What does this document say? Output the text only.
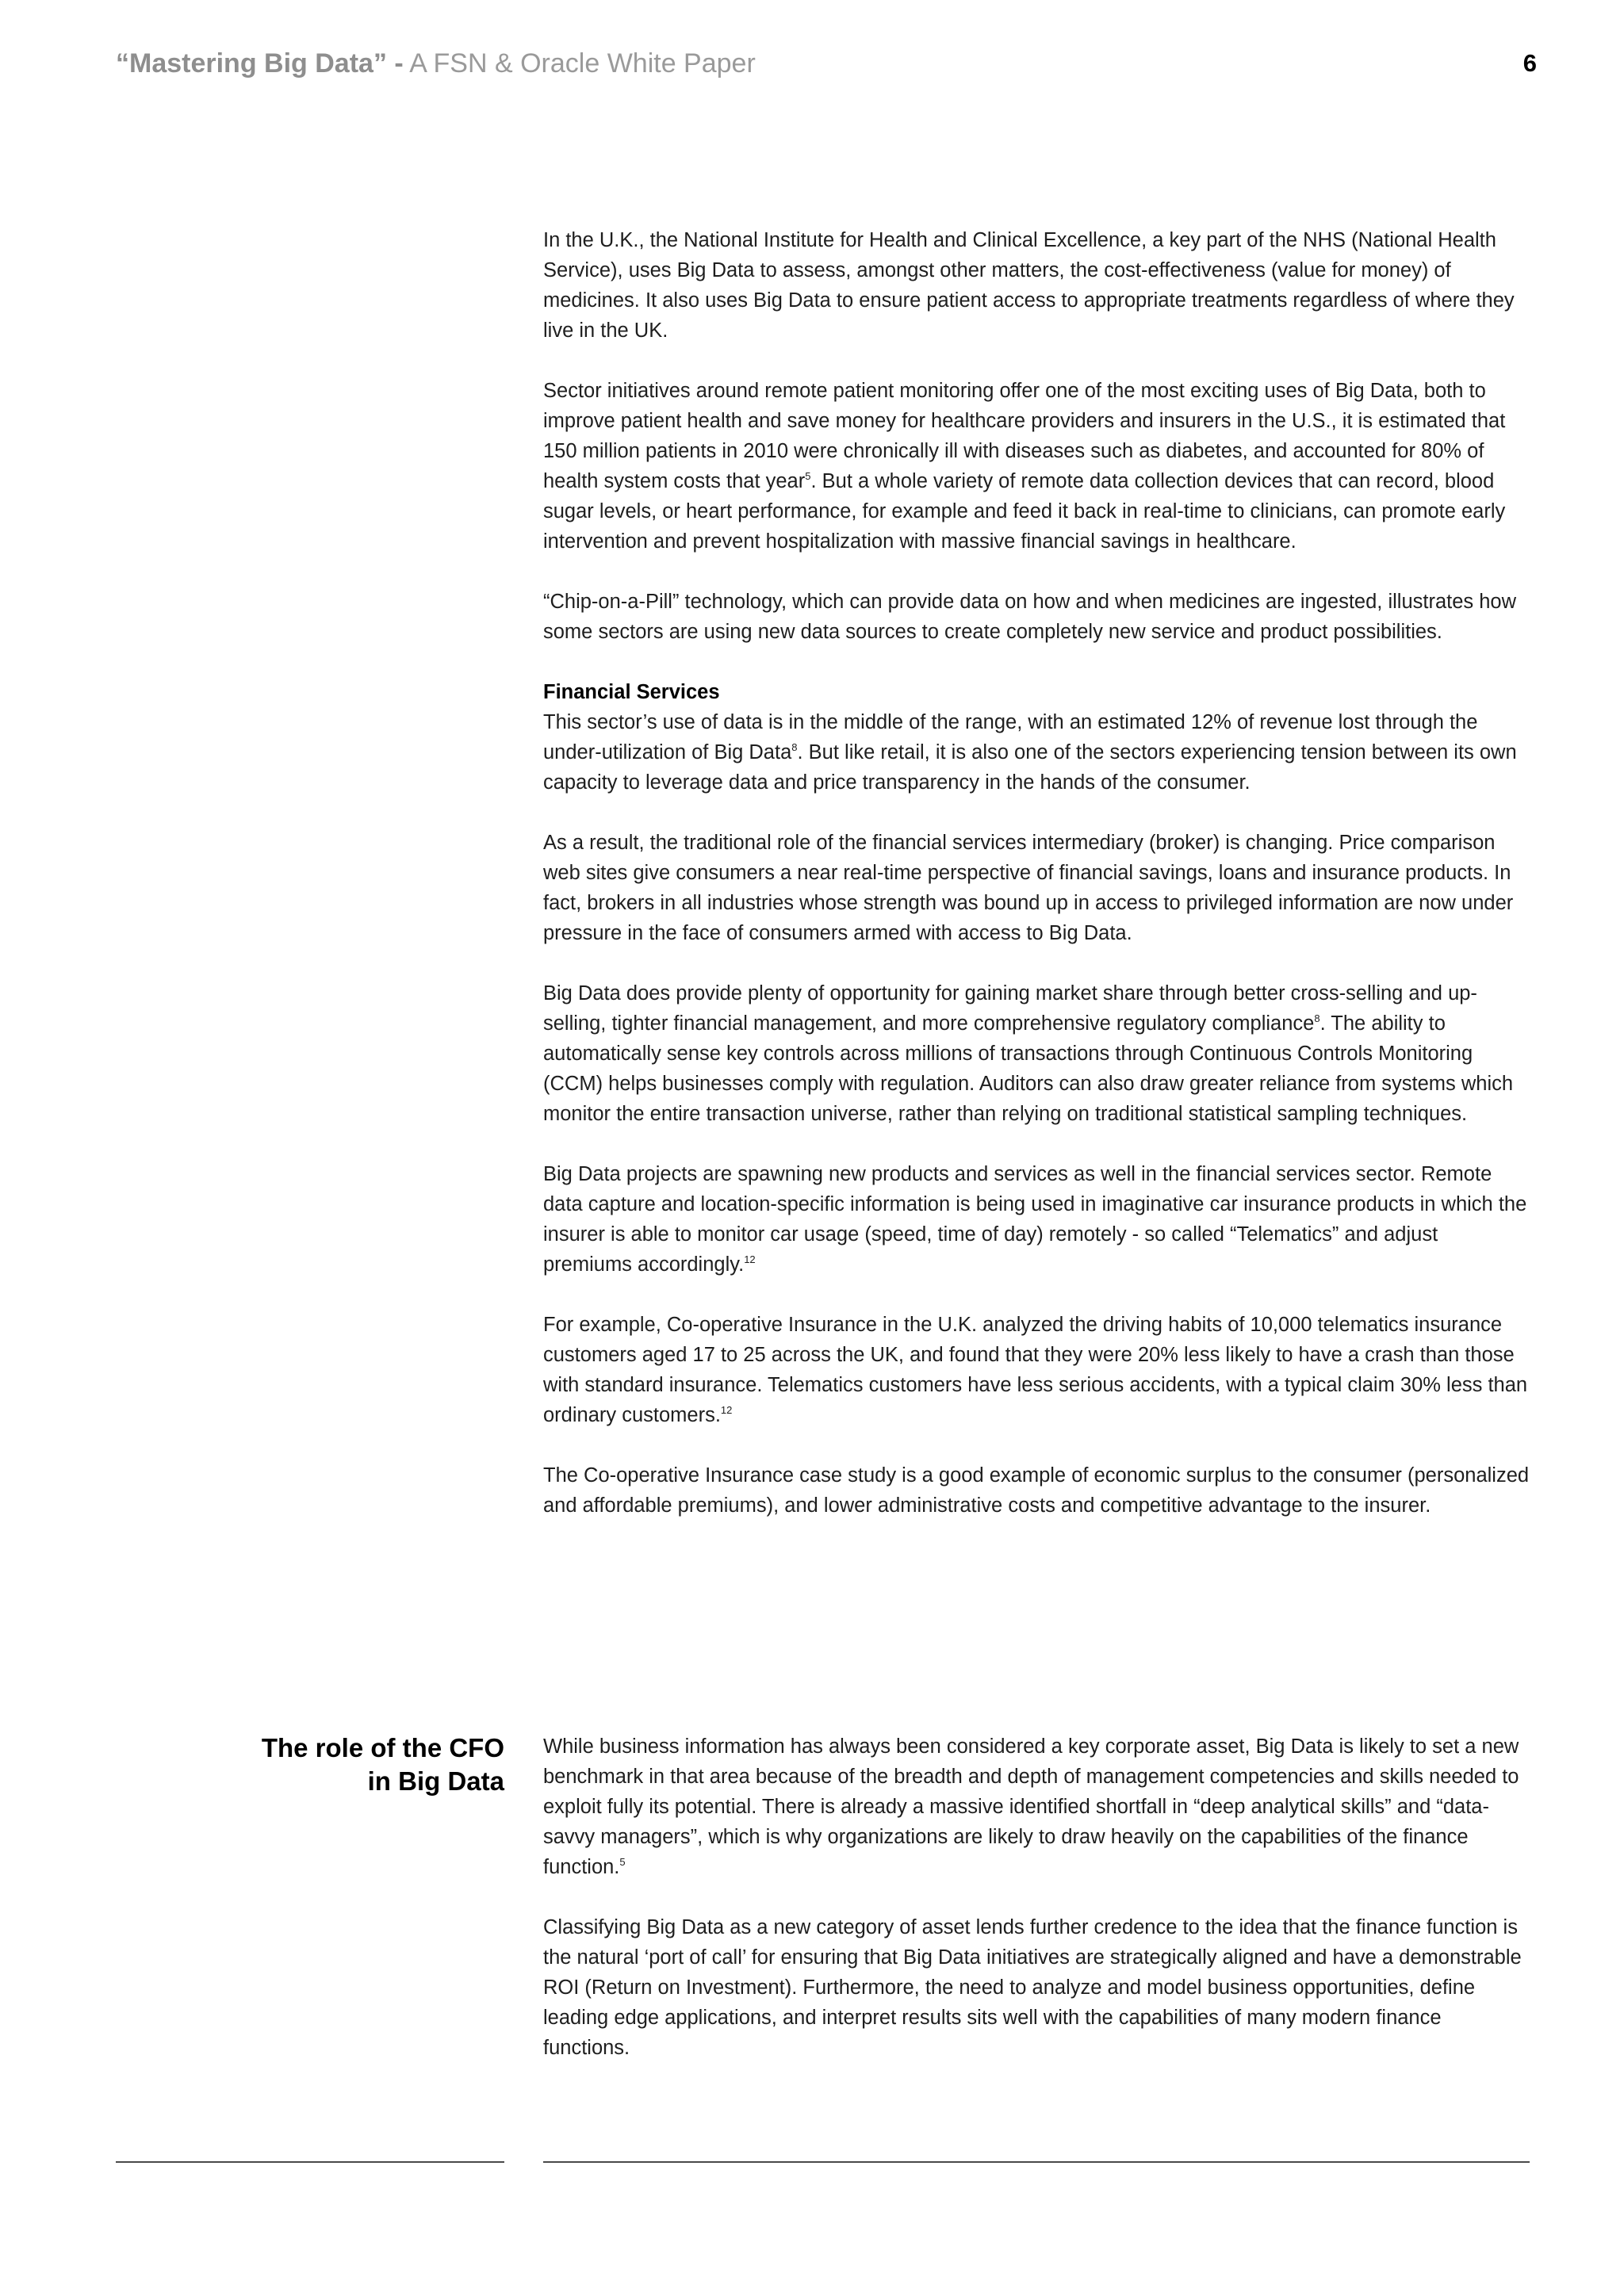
“Mastering Big Data” - A FSN & Oracle White Paper	6

In the U.K., the National Institute for Health and Clinical Excellence, a key part of the NHS (National Health Service), uses Big Data to assess, amongst other matters, the cost-effectiveness (value for money) of medicines. It also uses Big Data to ensure patient access to appropriate treatments regardless of where they live in the UK.

Sector initiatives around remote patient monitoring offer one of the most exciting uses of Big Data, both to improve patient health and save money for healthcare providers and insurers in the U.S., it is estimated that 150 million patients in 2010 were chronically ill with diseases such as diabetes, and accounted for 80% of health system costs that year$^5$. But a whole variety of remote data collection devices that can record, blood sugar levels, or heart performance, for example and feed it back in real-time to clinicians, can promote early intervention and prevent hospitalization with massive financial savings in healthcare.

“Chip-on-a-Pill” technology, which can provide data on how and when medicines are ingested, illustrates how some sectors are using new data sources to create completely new service and product possibilities.

Financial Services
This sector’s use of data is in the middle of the range, with an estimated 12% of revenue lost through the under-utilization of Big Data$^8$. But like retail, it is also one of the sectors experiencing tension between its own capacity to leverage data and price transparency in the hands of the consumer.

As a result, the traditional role of the financial services intermediary (broker) is changing. Price comparison web sites give consumers a near real-time perspective of financial savings, loans and insurance products. In fact, brokers in all industries whose strength was bound up in access to privileged information are now under pressure in the face of consumers armed with access to Big Data.

Big Data does provide plenty of opportunity for gaining market share through better cross-selling and up-selling, tighter financial management, and more comprehensive regulatory compliance$^8$. The ability to automatically sense key controls across millions of transactions through Continuous Controls Monitoring (CCM) helps businesses comply with regulation. Auditors can also draw greater reliance from systems which monitor the entire transaction universe, rather than relying on traditional statistical sampling techniques.

Big Data projects are spawning new products and services as well in the financial services sector. Remote data capture and location-specific information is being used in imaginative car insurance products in which the insurer is able to monitor car usage (speed, time of day) remotely - so called “Telematics” and adjust premiums accordingly.$^{12}$

For example, Co-operative Insurance in the U.K. analyzed the driving habits of 10,000 telematics insurance customers aged 17 to 25 across the UK, and found that they were 20% less likely to have a crash than those with standard insurance. Telematics customers have less serious accidents, with a typical claim 30% less than ordinary customers.$^{12}$

The Co-operative Insurance case study is a good example of economic surplus to the consumer (personalized and affordable premiums), and lower administrative costs and competitive advantage to the insurer.

The role of the CFO
in Big Data

While business information has always been considered a key corporate asset, Big Data is likely to set a new benchmark in that area because of the breadth and depth of management competencies and skills needed to exploit fully its potential. There is already a massive identified shortfall in “deep analytical skills” and “data-savvy managers”, which is why organizations are likely to draw heavily on the capabilities of the finance function.$^5$

Classifying Big Data as a new category of asset lends further credence to the idea that the finance function is the natural ‘port of call’ for ensuring that Big Data initiatives are strategically aligned and have a demonstrable ROI (Return on Investment). Furthermore, the need to analyze and model business opportunities, define leading edge applications, and interpret results sits well with the capabilities of many modern finance functions.
